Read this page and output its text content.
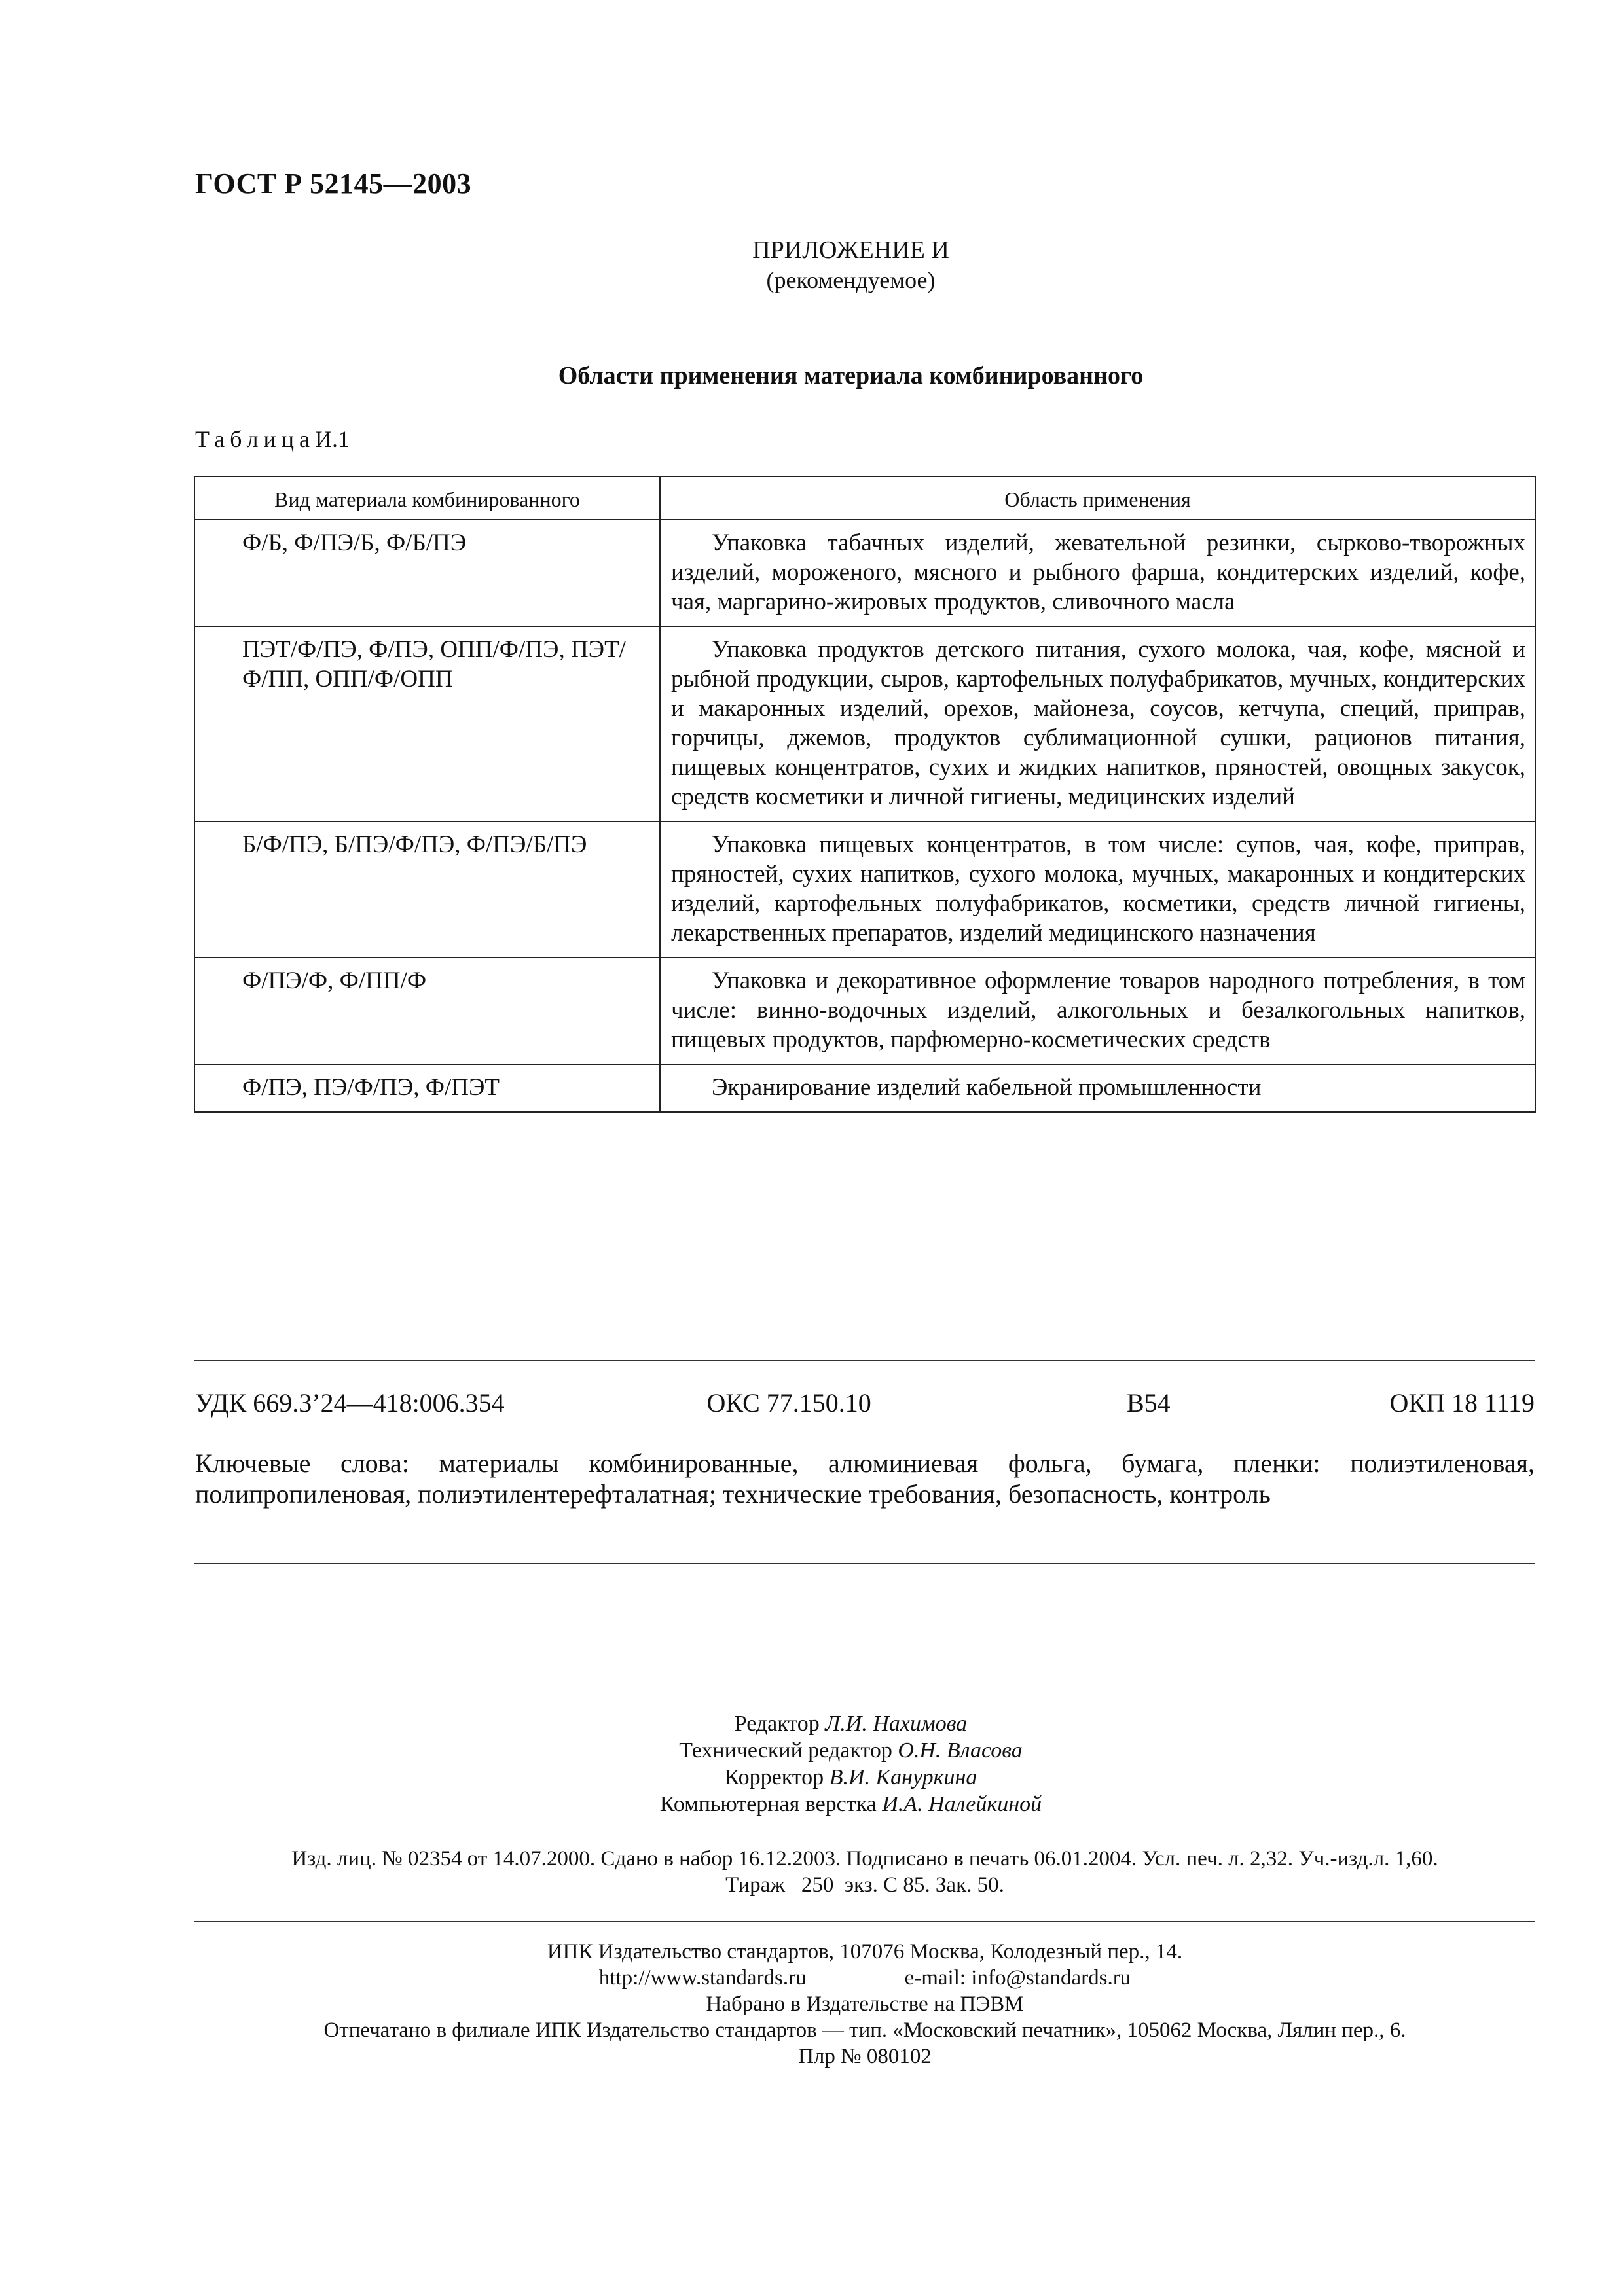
ГОСТ Р 52145—2003
ПРИЛОЖЕНИЕ И
(рекомендуемое)
Области применения материала комбинированного
ТаблицаИ.1
Вид материала комбинированного	Область применения
Ф/Б, Ф/ПЭ/Б, Ф/Б/ПЭ	Упаковка табачных изделий, жевательной резинки, сырково-творожных изделий, мороженого, мясного и рыбного фарша, кондитерских изделий, кофе, чая, маргарино-жировых продуктов, сливочного масла
ПЭТ/Ф/ПЭ, Ф/ПЭ, ОПП/Ф/ПЭ, ПЭТ/Ф/ПП, ОПП/Ф/ОПП	Упаковка продуктов детского питания, сухого молока, чая, кофе, мясной и рыбной продукции, сыров, картофельных полуфабрикатов, мучных, кондитерских и макаронных изделий, орехов, майонеза, соусов, кетчупа, специй, приправ, горчицы, джемов, продуктов сублимационной сушки, рационов питания, пищевых концентратов, сухих и жидких напитков, пряностей, овощных закусок, средств косметики и личной гигиены, медицинских изделий
Б/Ф/ПЭ, Б/ПЭ/Ф/ПЭ, Ф/ПЭ/Б/ПЭ	Упаковка пищевых концентратов, в том числе: супов, чая, кофе, приправ, пряностей, сухих напитков, сухого молока, мучных, макаронных и кондитерских изделий, картофельных полуфабрикатов, косметики, средств личной гигиены, лекарственных препаратов, изделий медицинского назначения
Ф/ПЭ/Ф, Ф/ПП/Ф	Упаковка и декоративное оформление товаров народного потребления, в том числе: винно-водочных изделий, алкогольных и безалкогольных напитков, пищевых продуктов, парфюмерно-косметических средств
Ф/ПЭ, ПЭ/Ф/ПЭ, Ф/ПЭТ	Экранирование изделий кабельной промышленности
УДК 669.3’24—418:006.354	ОКС 77.150.10	В54	ОКП 18 1119
Ключевые слова: материалы комбинированные, алюминиевая фольга, бумага, пленки: полиэтиленовая, полипропиленовая, полиэтилентерефталатная; технические требования, безопасность, контроль
Редактор Л.И. Нахимова
Технический редактор О.Н. Власова
Корректор В.И. Кануркина
Компьютерная верстка И.А. Налейкиной
Изд. лиц. № 02354 от 14.07.2000. Сдано в набор 16.12.2003. Подписано в печать 06.01.2004. Усл. печ. л. 2,32. Уч.-изд.л. 1,60.
Тираж   250  экз. С 85. Зак. 50.
ИПК Издательство стандартов, 107076 Москва, Колодезный пер., 14.
http://www.standards.ru	e-mail: info@standards.ru
Набрано в Издательстве на ПЭВМ
Отпечатано в филиале ИПК Издательство стандартов — тип. «Московский печатник», 105062 Москва, Лялин пер., 6.
Плр № 080102
